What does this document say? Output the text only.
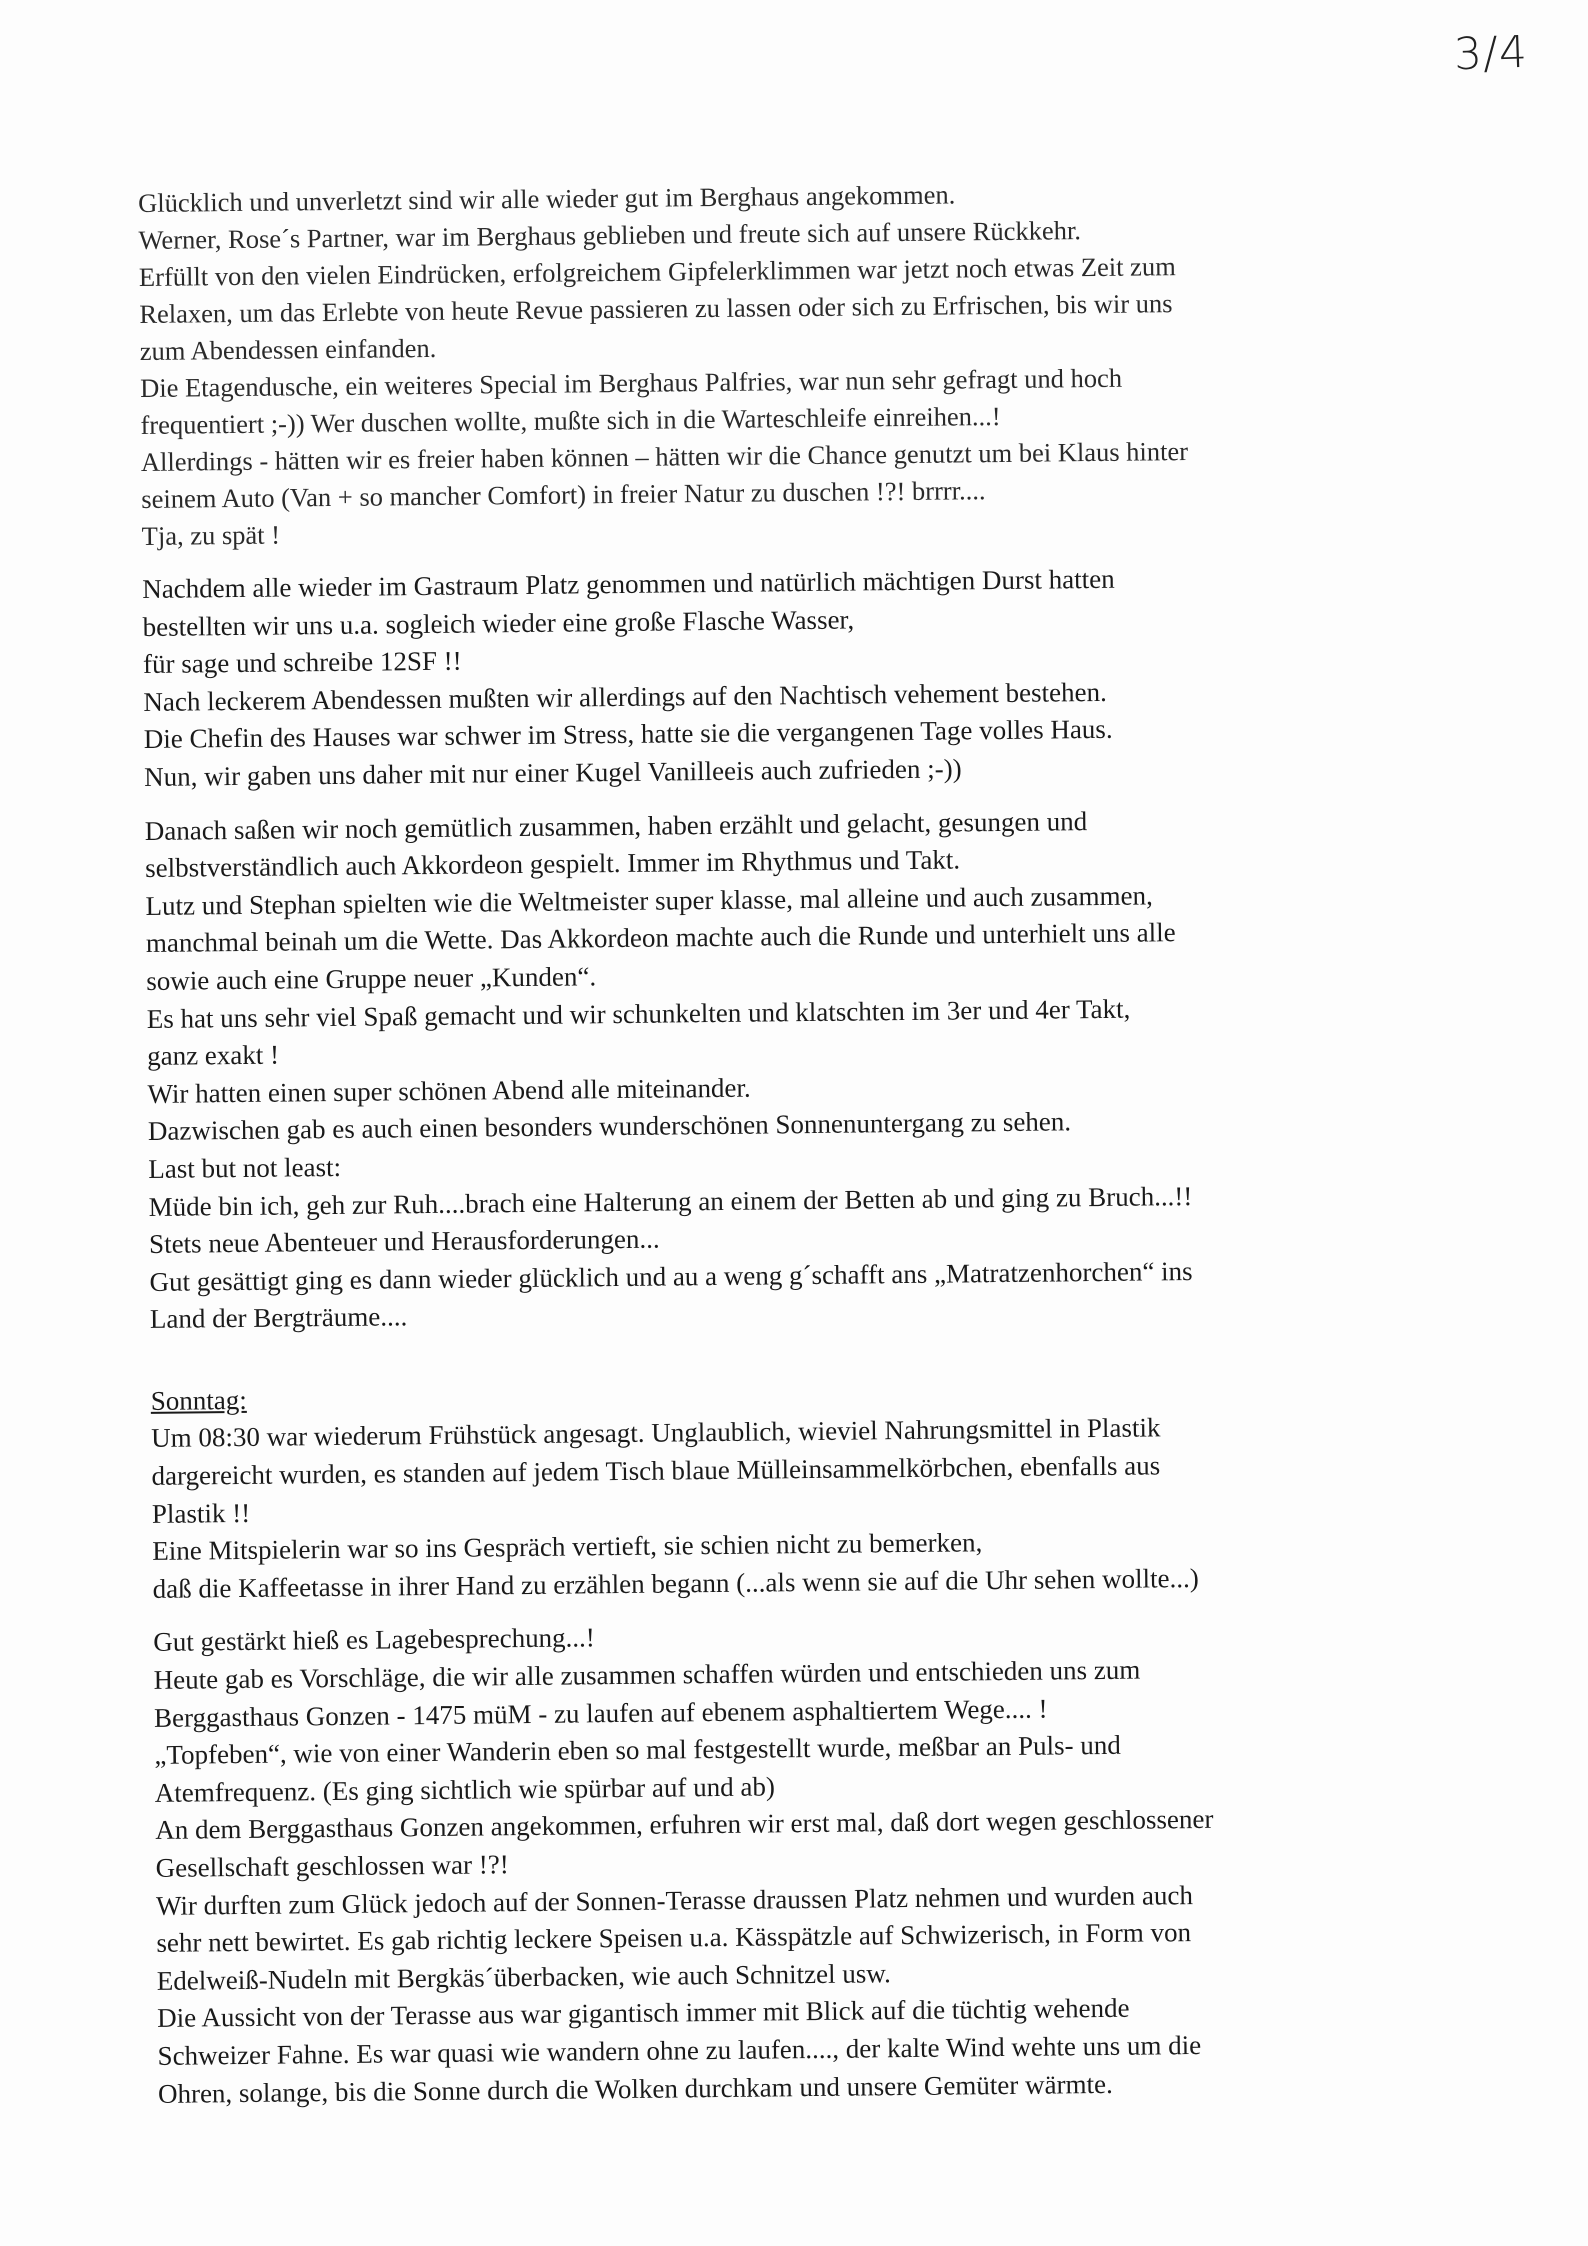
3/4
Glücklich und unverletzt sind wir alle wieder gut im Berghaus angekommen.
Werner, Rose´s Partner, war im Berghaus geblieben und freute sich auf unsere Rückkehr.
Erfüllt von den vielen Eindrücken, erfolgreichem Gipfelerklimmen war jetzt noch etwas Zeit zum
Relaxen, um das Erlebte von heute Revue passieren zu lassen oder sich zu Erfrischen, bis wir uns
zum Abendessen einfanden.
Die Etagendusche, ein weiteres Special im Berghaus Palfries, war nun sehr gefragt und hoch
frequentiert ;-)) Wer duschen wollte, mußte sich in die Warteschleife einreihen...!
Allerdings - hätten wir es freier haben können – hätten wir die Chance genutzt um bei Klaus hinter
seinem Auto (Van + so mancher Comfort) in freier Natur zu duschen !?! brrrr....
Tja, zu spät !
Nachdem alle wieder im Gastraum Platz genommen und natürlich mächtigen Durst hatten
bestellten wir uns u.a. sogleich wieder eine große Flasche Wasser,
für sage und schreibe 12SF !!
Nach leckerem Abendessen mußten wir allerdings auf den Nachtisch vehement bestehen.
Die Chefin des Hauses war schwer im Stress, hatte sie die vergangenen Tage volles Haus.
Nun, wir gaben uns daher mit nur einer Kugel Vanilleeis auch zufrieden ;-))
Danach saßen wir noch gemütlich zusammen, haben erzählt und gelacht, gesungen und
selbstverständlich auch Akkordeon gespielt. Immer im Rhythmus und Takt.
Lutz und Stephan spielten wie die Weltmeister super klasse, mal alleine und auch zusammen,
manchmal beinah um die Wette. Das Akkordeon machte auch die Runde und unterhielt uns alle
sowie auch eine Gruppe neuer „Kunden“.
Es hat uns sehr viel Spaß gemacht und wir schunkelten und klatschten im 3er und 4er Takt,
ganz exakt !
Wir hatten einen super schönen Abend alle miteinander.
Dazwischen gab es auch einen besonders wunderschönen Sonnenuntergang zu sehen.
Last but not least:
Müde bin ich, geh zur Ruh....brach eine Halterung an einem der Betten ab und ging zu Bruch...!!
Stets neue Abenteuer und Herausforderungen...
Gut gesättigt ging es dann wieder glücklich und au a weng g´schafft ans „Matratzenhorchen“ ins
Land der Bergträume....
Sonntag:
Um 08:30 war wiederum Frühstück angesagt. Unglaublich, wieviel Nahrungsmittel in Plastik
dargereicht wurden, es standen auf jedem Tisch blaue Mülleinsammelkörbchen, ebenfalls aus
Plastik !!
Eine Mitspielerin war so ins Gespräch vertieft, sie schien nicht zu bemerken,
daß die Kaffeetasse in ihrer Hand zu erzählen begann (...als wenn sie auf die Uhr sehen wollte...)
Gut gestärkt hieß es Lagebesprechung...!
Heute gab es Vorschläge, die wir alle zusammen schaffen würden und entschieden uns zum
Berggasthaus Gonzen - 1475 müM - zu laufen auf ebenem asphaltiertem Wege.... !
„Topfeben“, wie von einer Wanderin eben so mal festgestellt wurde, meßbar an Puls- und
Atemfrequenz. (Es ging sichtlich wie spürbar auf und ab)
An dem Berggasthaus Gonzen angekommen, erfuhren wir erst mal, daß dort wegen geschlossener
Gesellschaft geschlossen war !?!
Wir durften zum Glück jedoch auf der Sonnen-Terasse draussen Platz nehmen und wurden auch
sehr nett bewirtet. Es gab richtig leckere Speisen u.a. Kässpätzle auf Schwizerisch, in Form von
Edelweiß-Nudeln mit Bergkäs´überbacken, wie auch Schnitzel usw.
Die Aussicht von der Terasse aus war gigantisch immer mit Blick auf die tüchtig wehende
Schweizer Fahne. Es war quasi wie wandern ohne zu laufen...., der kalte Wind wehte uns um die
Ohren, solange, bis die Sonne durch die Wolken durchkam und unsere Gemüter wärmte.
